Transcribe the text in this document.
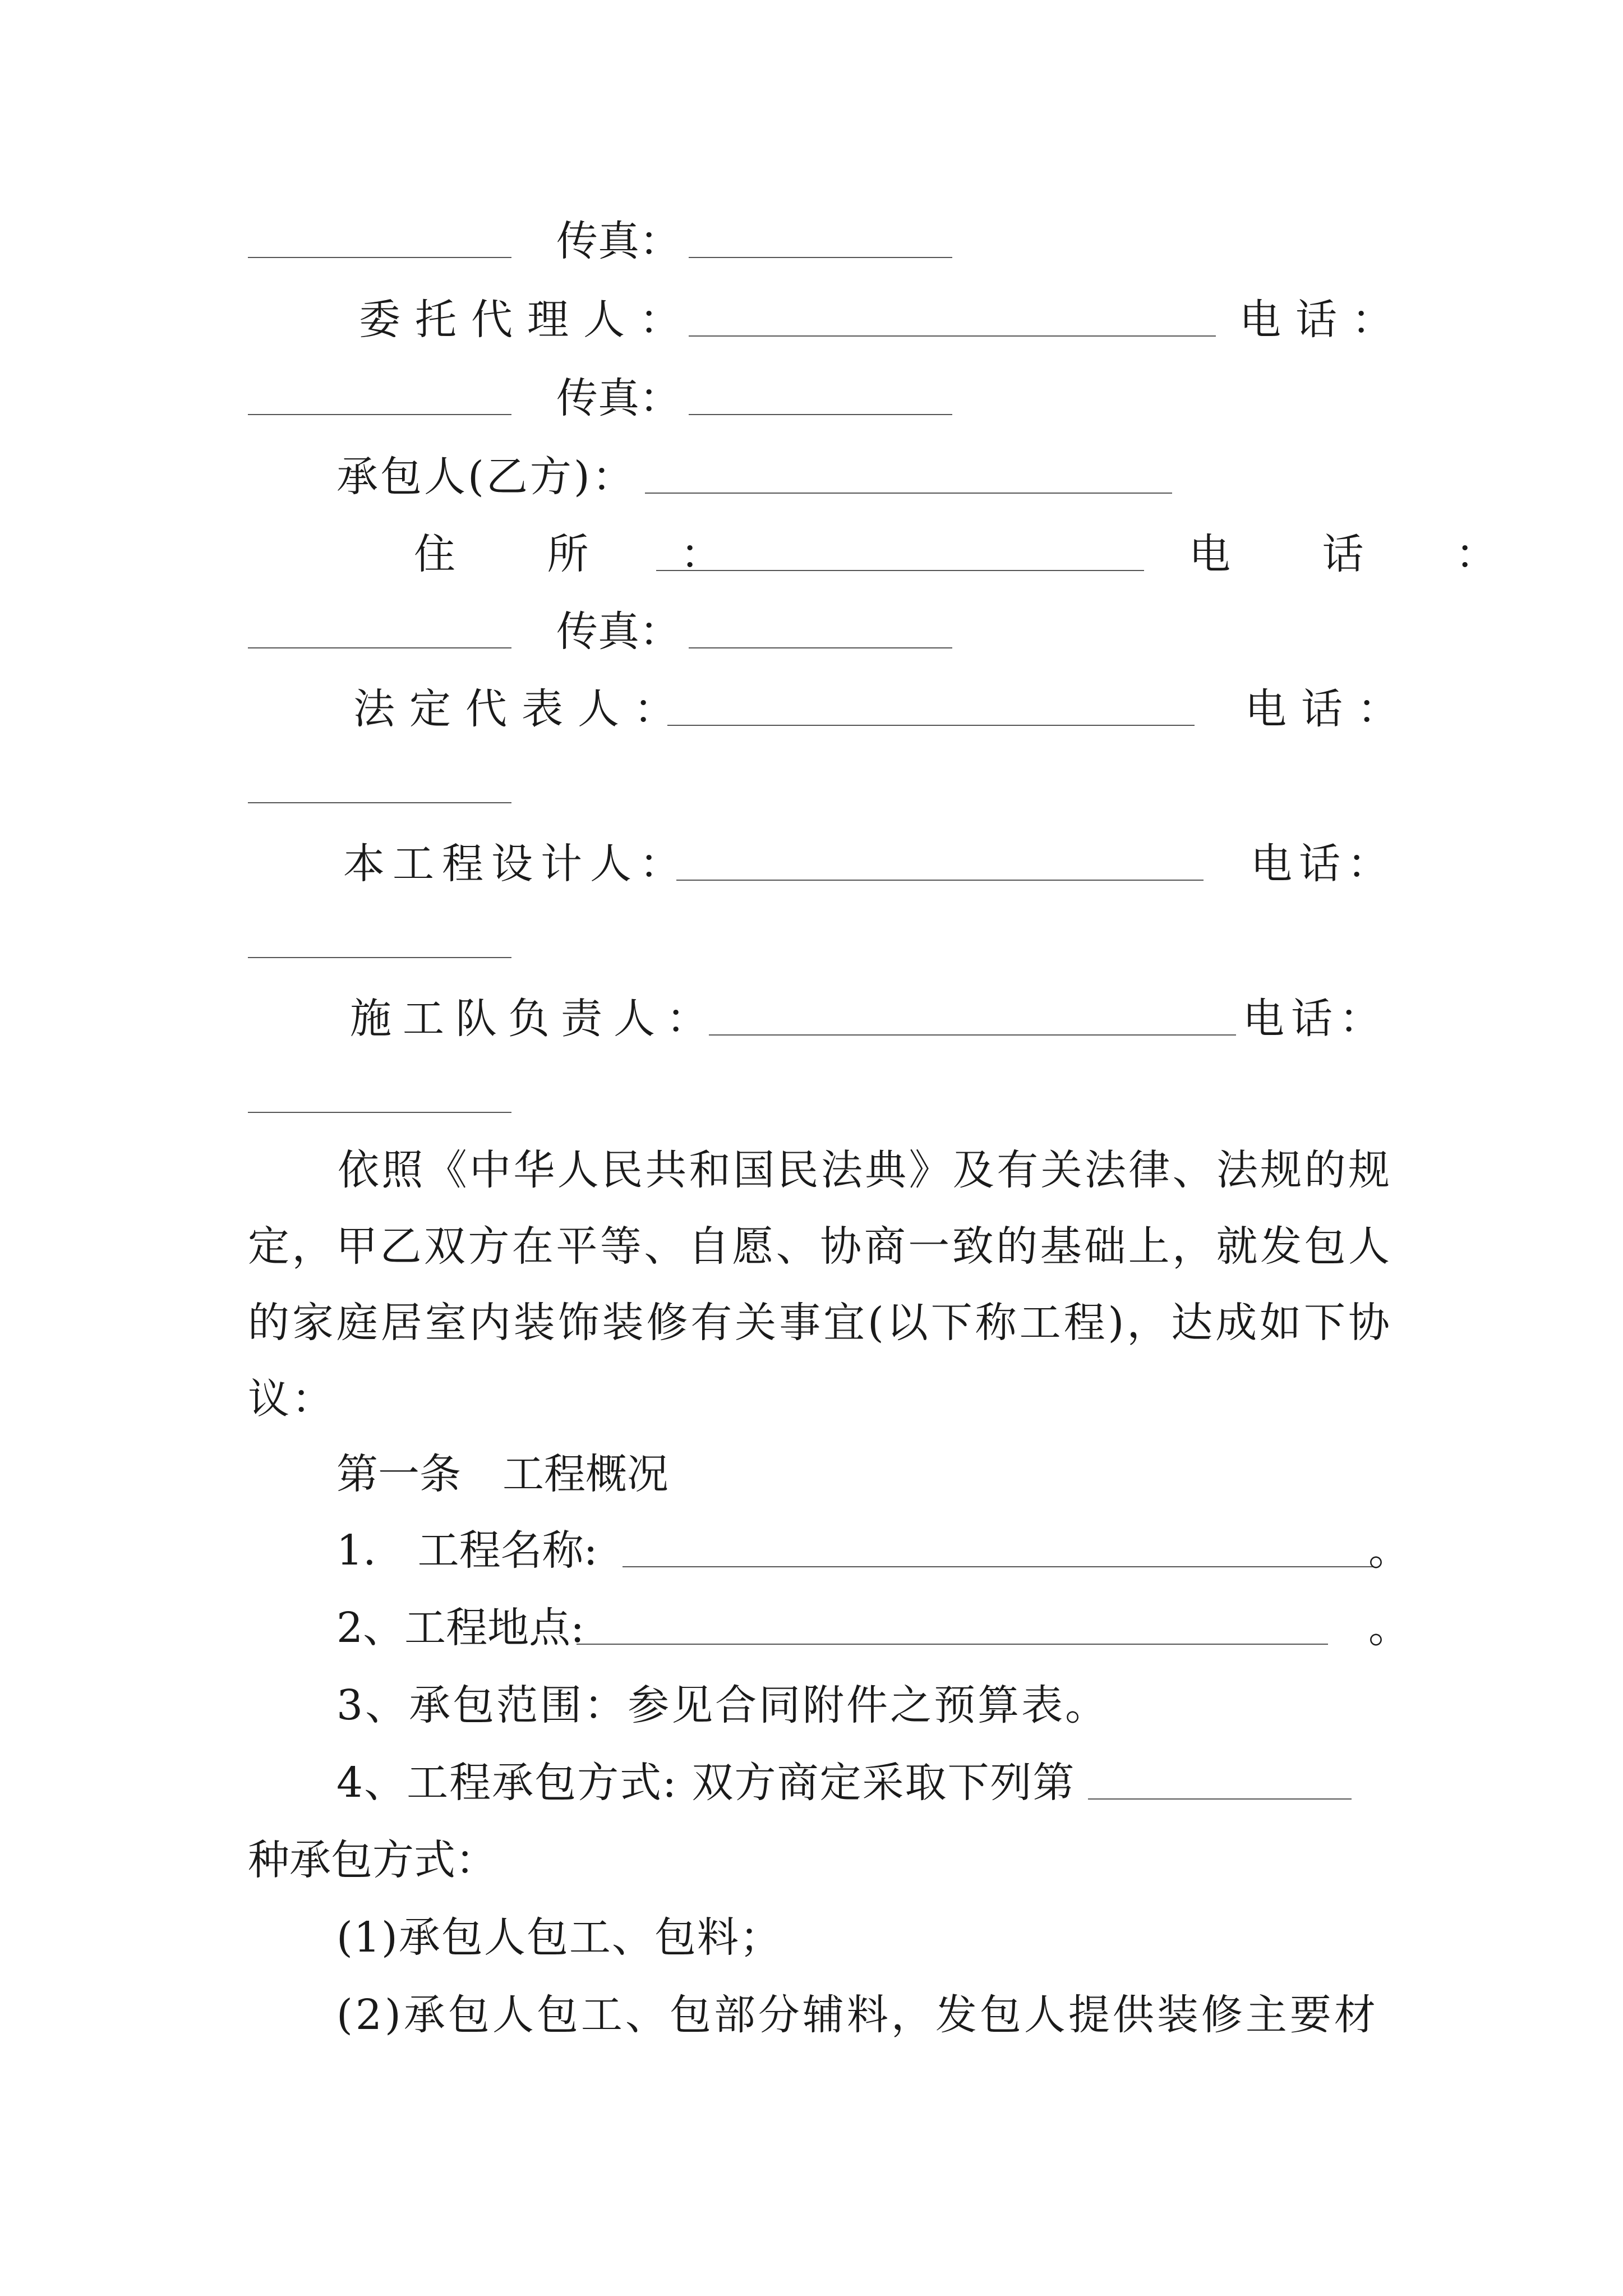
传真：
委托代理人：	电话：
传真：
承包人(乙方)：
住 所 ：	电 话 ：
传真：
法定代表人：	电话：
本工程设计人：	电话：
施工队负责人：	电话：
依照《中华人民共和国民法典》及有关法律、法规的规定，甲乙双方在平等、自愿、协商一致的基础上，就发包人的家庭居室内装饰装修有关事宜(以下称工程)，达成如下协议：
第一条　工程概况
1.　工程名称:	。
2、工程地点:	。
3、承包范围：参见合同附件之预算表。
4、工程承包方式: 双方商定采取下列第
种承包方式：
(1)承包人包工、包料；
(2)承包人包工、包部分辅料，发包人提供装修主要材
